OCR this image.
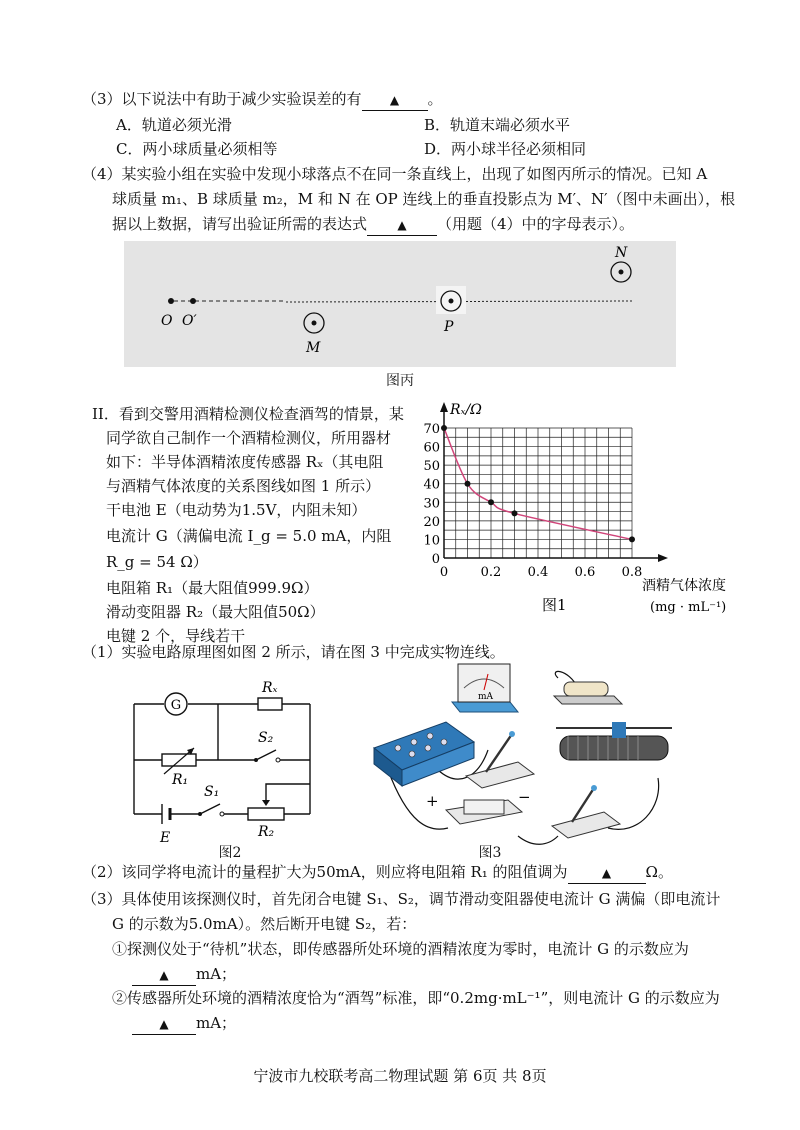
（3）以下说法中有助于减少实验误差的有 ▲ 。
A．轨道必须光滑	B．轨道末端必须水平
C．两小球质量必须相等	D．两小球半径必须相同
（4）某实验小组在实验中发现小球落点不在同一条直线上，出现了如图丙所示的情况。已知 A
球质量 m₁、B 球质量 m₂，M 和 N 在 OP 连线上的垂直投影点为 M′、N′（图中未画出），根
据以上数据，请写出验证所需的表达式	▲ （用题（4）中的字母表示）。
O O′
M
P
N
图丙
II．看到交警用酒精检测仪检查酒驾的情景，某
同学欲自己制作一个酒精检测仪，所用器材
如下：半导体酒精浓度传感器 Rₓ（其电阻
与酒精气体浓度的关系图线如图 1 所示）
干电池 E（电动势为1.5V，内阻未知）
电流计 G（满偏电流 I_g = 5.0 mA，内阻
R_g = 54 Ω）
电阻箱 R₁（最大阻值999.9Ω）
滑动变阻器 R₂（最大阻值50Ω）
电键 2 个，导线若干
0
10
20
30
40
50
60
70
0	0.2 0.4 0.6 0.8
Rₓ/Ω
酒精气体浓度
(mg · mL⁻¹)
图1
（1）实验电路原理图如图 2 所示，请在图 3 中完成实物连线。
G
Rₓ
R₁
S₂
E
S₁
R₂
图2
mA
+	−
图3
（2）该同学将电流计的量程扩大为50mA，则应将电阻箱 R₁ 的阻值调为	▲ Ω。
（3）具体使用该探测仪时，首先闭合电键 S₁、S₂，调节滑动变阻器使电流计 G 满偏（即电流计
G 的示数为5.0mA）。然后断开电键 S₂，若：
①探测仪处于“待机”状态，即传感器所处环境的酒精浓度为零时，电流计 G 的示数应为
▲ mA；
②传感器所处环境的酒精浓度恰为“酒驾”标准，即“0.2mg·mL⁻¹”，则电流计 G 的示数应为
▲ mA；
宁波市九校联考高二物理试题 第 6页 共 8页
